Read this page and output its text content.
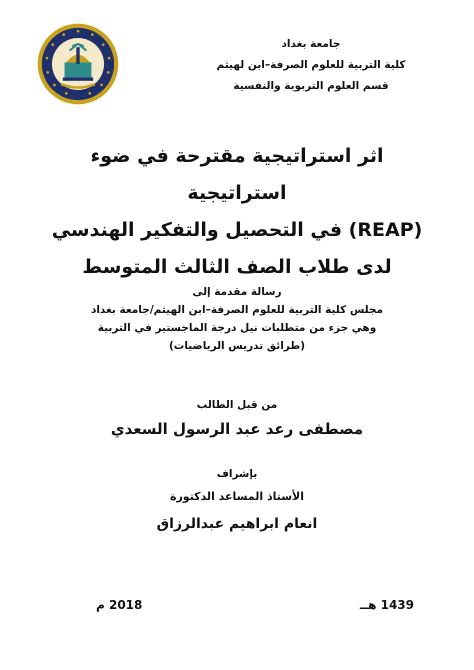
جامعة بغداد
كلية التربية للعلوم الصرفة–ابن لهيثم
قسم العلوم التربوية والنفسية
اثر استراتيجية مقترحة في ضوء استراتيجية
(REAP) في التحصيل والتفكير الهندسي
لدى طلاب الصف الثالث المتوسط
رسالة مقدمة إلى
مجلس كلية التربية للعلوم الصرفة–ابن الهيثم/جامعة بغداد
وهي جزء من متطلبات نيل درجة الماجستير في التربية
(طرائق تدريس الرياضيات)
من قبل الطالب
مصطفى رعد عبد الرسول السعدي
بإشراف
الأستاذ المساعد الدكتورة
انعام ابراهيم عبدالرزاق
1439 هــ
2018 م
